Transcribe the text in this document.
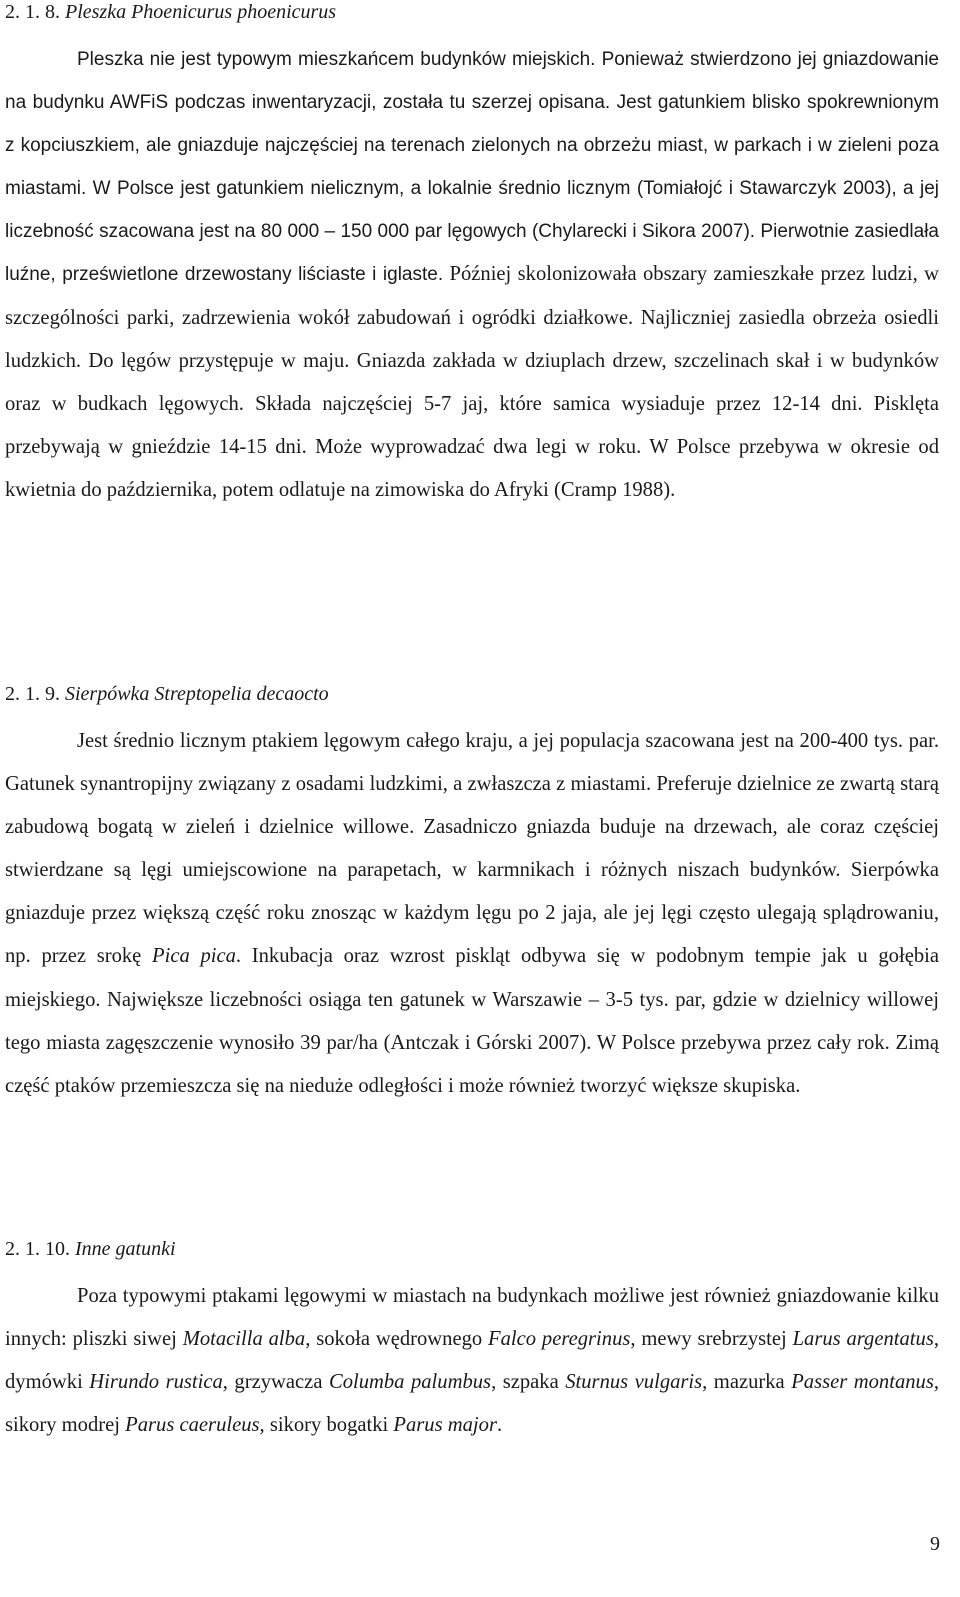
2. 1. 8. Pleszka Phoenicurus phoenicurus

Pleszka nie jest typowym mieszkańcem budynków miejskich. Ponieważ stwierdzono jej gniazdowanie na budynku AWFiS podczas inwentaryzacji, została tu szerzej opisana. Jest gatunkiem blisko spokrewnionym z kopciuszkiem, ale gniazduje najczęściej na terenach zielonych na obrzeżu miast, w parkach i w zieleni poza miastami. W Polsce jest gatunkiem nielicznym, a lokalnie średnio licznym (Tomiałojć i Stawarczyk 2003), a jej liczebność szacowana jest na 80 000 – 150 000 par lęgowych (Chylarecki i Sikora 2007). Pierwotnie zasiedlała luźne, prześwietlone drzewostany liściaste i iglaste. Później skolonizowała obszary zamieszkałe przez ludzi, w szczególności parki, zadrzewienia wokół zabudowań i ogródki działkowe. Najliczniej zasiedla obrzeża osiedli ludzkich. Do lęgów przystępuje w maju. Gniazda zakłada w dziuplach drzew, szczelinach skał i w budynków oraz w budkach lęgowych. Składa najczęściej 5-7 jaj, które samica wysiaduje przez 12-14 dni. Pisklęta przebywają w gnieździe 14-15 dni. Może wyprowadzać dwa legi w roku. W Polsce przebywa w okresie od kwietnia do października, potem odlatuje na zimowiska do Afryki (Cramp 1988).

2. 1. 9. Sierpówka Streptopelia decaocto

Jest średnio licznym ptakiem lęgowym całego kraju, a jej populacja szacowana jest na 200-400 tys. par. Gatunek synantropijny związany z osadami ludzkimi, a zwłaszcza z miastami. Preferuje dzielnice ze zwartą starą zabudową bogatą w zieleń i dzielnice willowe. Zasadniczo gniazda buduje na drzewach, ale coraz częściej stwierdzane są lęgi umiejscowione na parapetach, w karmnikach i różnych niszach budynków. Sierpówka gniazduje przez większą część roku znosząc w każdym lęgu po 2 jaja, ale jej lęgi często ulegają splądrowaniu, np. przez srokę Pica pica. Inkubacja oraz wzrost piskląt odbywa się w podobnym tempie jak u gołębia miejskiego. Największe liczebności osiąga ten gatunek w Warszawie – 3-5 tys. par, gdzie w dzielnicy willowej tego miasta zagęszczenie wynosiło 39 par/ha (Antczak i Górski 2007). W Polsce przebywa przez cały rok. Zimą część ptaków przemieszcza się na nieduże odległości i może również tworzyć większe skupiska.

2. 1. 10. Inne gatunki

Poza typowymi ptakami lęgowymi w miastach na budynkach możliwe jest również gniazdowanie kilku innych: pliszki siwej Motacilla alba, sokoła wędrownego Falco peregrinus, mewy srebrzystej Larus argentatus, dymówki Hirundo rustica, grzywacza Columba palumbus, szpaka Sturnus vulgaris, mazurka Passer montanus, sikory modrej Parus caeruleus, sikory bogatki Parus major.

9
